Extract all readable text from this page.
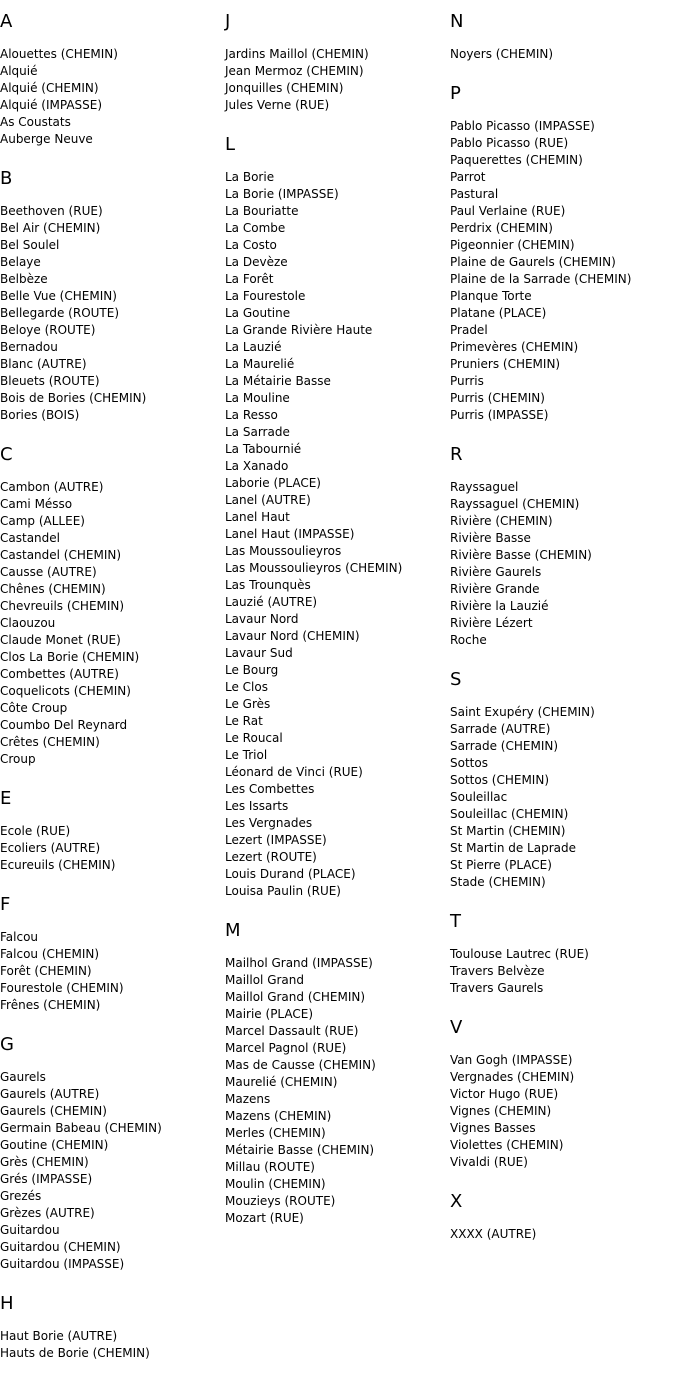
A
Alouettes (CHEMIN)
Alquié
Alquié (CHEMIN)
Alquié (IMPASSE)
As Coustats
Auberge Neuve
B
Beethoven (RUE)
Bel Air (CHEMIN)
Bel Soulel
Belaye
Belbèze
Belle Vue (CHEMIN)
Bellegarde (ROUTE)
Beloye (ROUTE)
Bernadou
Blanc (AUTRE)
Bleuets (ROUTE)
Bois de Bories (CHEMIN)
Bories (BOIS)
C
Cambon (AUTRE)
Cami Mésso
Camp (ALLEE)
Castandel
Castandel (CHEMIN)
Causse (AUTRE)
Chênes (CHEMIN)
Chevreuils (CHEMIN)
Claouzou
Claude Monet (RUE)
Clos La Borie (CHEMIN)
Combettes (AUTRE)
Coquelicots (CHEMIN)
Côte Croup
Coumbo Del Reynard
Crêtes (CHEMIN)
Croup
E
Ecole (RUE)
Ecoliers (AUTRE)
Ecureuils (CHEMIN)
F
Falcou
Falcou (CHEMIN)
Forêt (CHEMIN)
Fourestole (CHEMIN)
Frênes (CHEMIN)
G
Gaurels
Gaurels (AUTRE)
Gaurels (CHEMIN)
Germain Babeau (CHEMIN)
Goutine (CHEMIN)
Grès (CHEMIN)
Grés (IMPASSE)
Grezés
Grèzes (AUTRE)
Guitardou
Guitardou (CHEMIN)
Guitardou (IMPASSE)
H
Haut Borie (AUTRE)
Hauts de Borie (CHEMIN)
J
Jardins Maillol (CHEMIN)
Jean Mermoz (CHEMIN)
Jonquilles (CHEMIN)
Jules Verne (RUE)
L
La Borie
La Borie (IMPASSE)
La Bouriatte
La Combe
La Costo
La Devèze
La Forêt
La Fourestole
La Goutine
La Grande Rivière Haute
La Lauzié
La Maurelié
La Métairie Basse
La Mouline
La Resso
La Sarrade
La Tabournié
La Xanado
Laborie (PLACE)
Lanel (AUTRE)
Lanel Haut
Lanel Haut (IMPASSE)
Las Moussoulieyros
Las Moussoulieyros (CHEMIN)
Las Trounquès
Lauzié (AUTRE)
Lavaur Nord
Lavaur Nord (CHEMIN)
Lavaur Sud
Le Bourg
Le Clos
Le Grès
Le Rat
Le Roucal
Le Triol
Léonard de Vinci (RUE)
Les Combettes
Les Issarts
Les Vergnades
Lezert (IMPASSE)
Lezert (ROUTE)
Louis Durand (PLACE)
Louisa Paulin (RUE)
M
Mailhol Grand (IMPASSE)
Maillol Grand
Maillol Grand (CHEMIN)
Mairie (PLACE)
Marcel Dassault (RUE)
Marcel Pagnol (RUE)
Mas de Causse (CHEMIN)
Maurelié (CHEMIN)
Mazens
Mazens (CHEMIN)
Merles (CHEMIN)
Métairie Basse (CHEMIN)
Millau (ROUTE)
Moulin (CHEMIN)
Mouzieys (ROUTE)
Mozart (RUE)
N
Noyers (CHEMIN)
P
Pablo Picasso (IMPASSE)
Pablo Picasso (RUE)
Paquerettes (CHEMIN)
Parrot
Pastural
Paul Verlaine (RUE)
Perdrix (CHEMIN)
Pigeonnier (CHEMIN)
Plaine de Gaurels (CHEMIN)
Plaine de la Sarrade (CHEMIN)
Planque Torte
Platane (PLACE)
Pradel
Primevères (CHEMIN)
Pruniers (CHEMIN)
Purris
Purris (CHEMIN)
Purris (IMPASSE)
R
Rayssaguel
Rayssaguel (CHEMIN)
Rivière (CHEMIN)
Rivière Basse
Rivière Basse (CHEMIN)
Rivière Gaurels
Rivière Grande
Rivière la Lauzié
Rivière Lézert
Roche
S
Saint Exupéry (CHEMIN)
Sarrade (AUTRE)
Sarrade (CHEMIN)
Sottos
Sottos (CHEMIN)
Souleillac
Souleillac (CHEMIN)
St Martin (CHEMIN)
St Martin de Laprade
St Pierre (PLACE)
Stade (CHEMIN)
T
Toulouse Lautrec (RUE)
Travers Belvèze
Travers Gaurels
V
Van Gogh (IMPASSE)
Vergnades (CHEMIN)
Victor Hugo (RUE)
Vignes (CHEMIN)
Vignes Basses
Violettes (CHEMIN)
Vivaldi (RUE)
X
XXXX (AUTRE)
